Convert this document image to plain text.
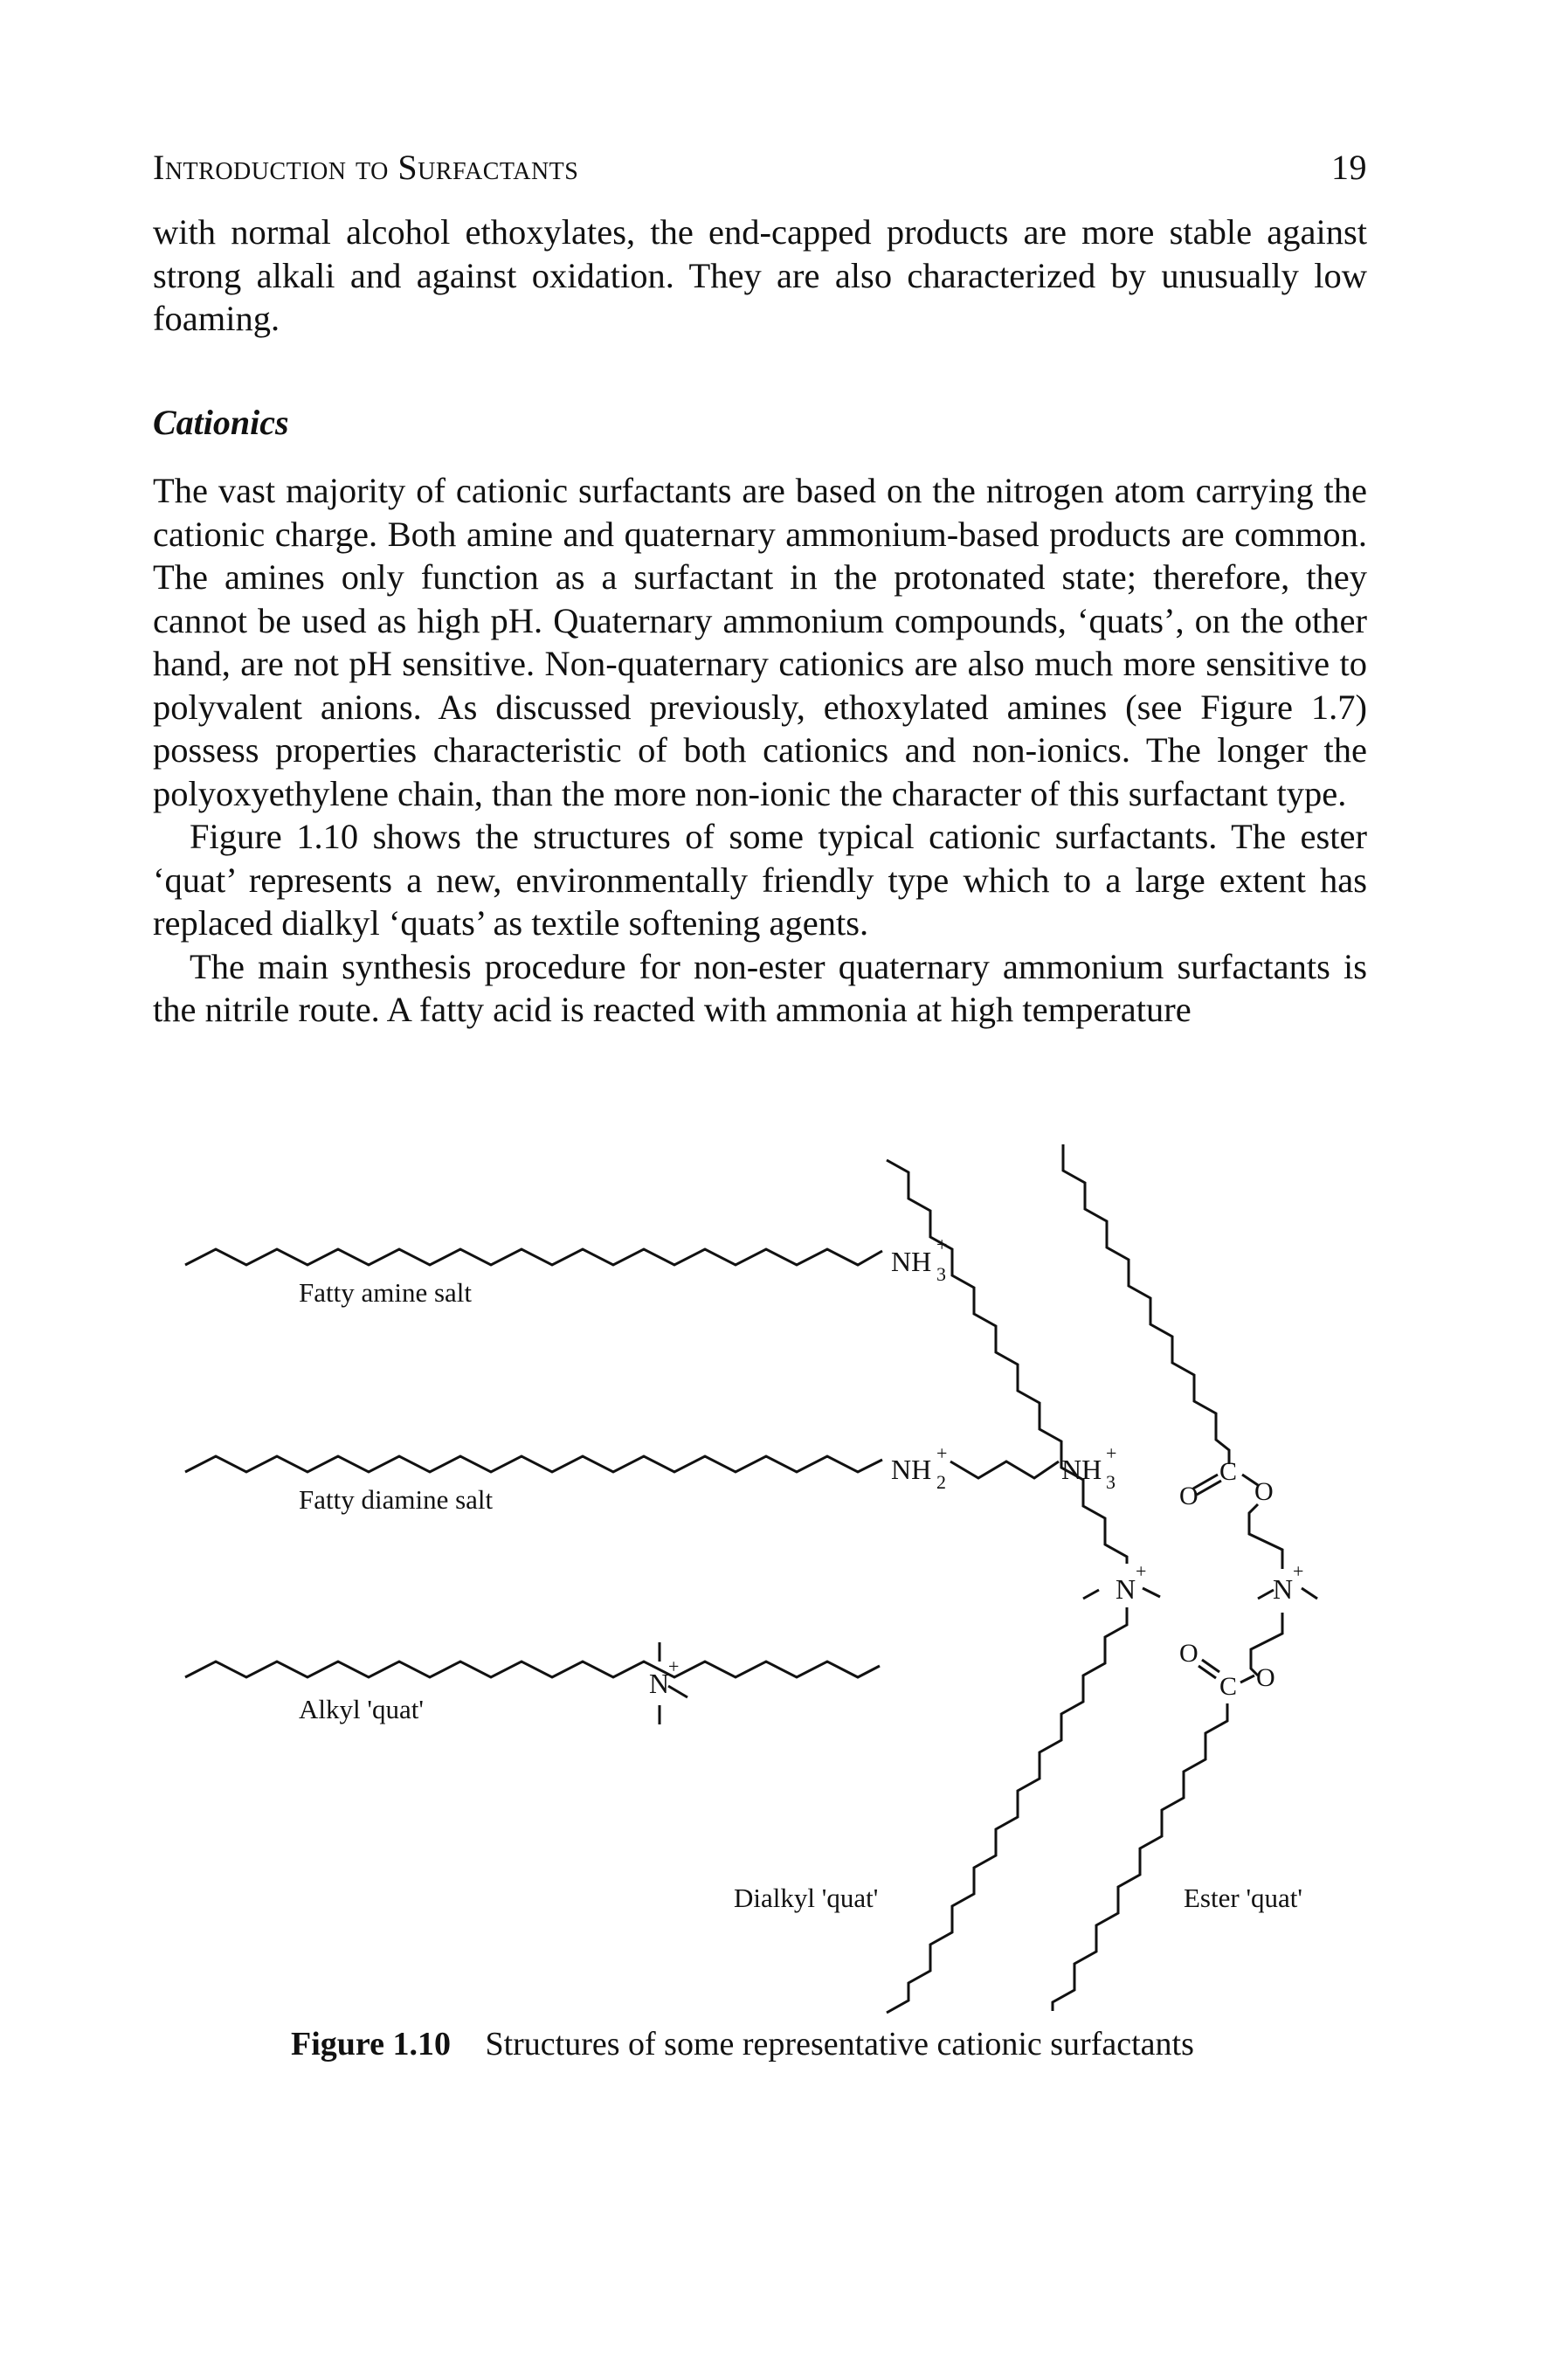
Introduction to Surfactants	19

with normal alcohol ethoxylates, the end-capped products are more stable against strong alkali and against oxidation. They are also characterized by unusually low foaming.

Cationics

The vast majority of cationic surfactants are based on the nitrogen atom carrying the cationic charge. Both amine and quaternary ammonium-based products are common. The amines only function as a surfactant in the protonated state; therefore, they cannot be used as high pH. Quaternary ammonium compounds, ‘quats’, on the other hand, are not pH sensitive. Non-quaternary cationics are also much more sensitive to polyvalent anions. As discussed previously, ethoxylated amines (see Figure 1.7) possess properties characteristic of both cationics and non-ionics. The longer the polyoxyethylene chain, than the more non-ionic the character of this surfactant type.

Figure 1.10 shows the structures of some typical cationic surfactants. The ester ‘quat’ represents a new, environmentally friendly type which to a large extent has replaced dialkyl ‘quats’ as textile softening agents.

The main synthesis procedure for non-ester quaternary ammonium surfactants is the nitrile route. A fatty acid is reacted with ammonia at high temperature

NH 3
+
Fatty amine salt
NH 2
+
NH 3
+
Fatty diamine salt
N
+
Alkyl 'quat'
N
+
Dialkyl 'quat'
O
C
O
N
+
O
C O
Ester 'quat'
Figure 1.10 Structures of some representative cationic surfactants
